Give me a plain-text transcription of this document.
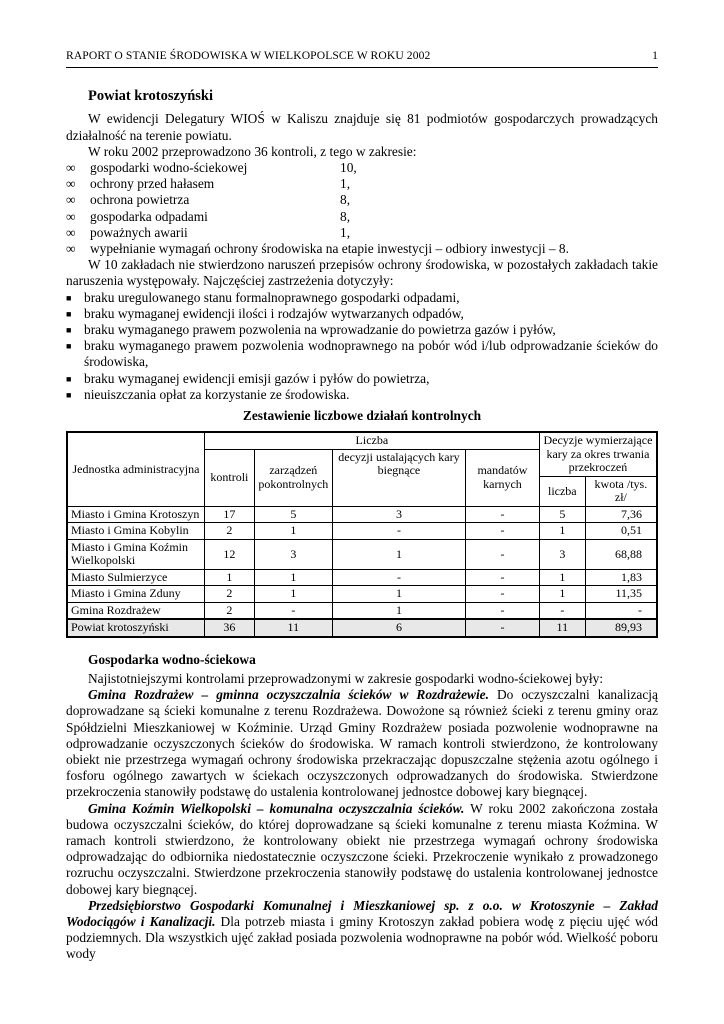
RAPORT O STANIE ŚRODOWISKA W WIELKOPOLSCE W ROKU 2002	1
Powiat krotoszyński

W ewidencji Delegatury WIOŚ w Kaliszu znajduje się 81 podmiotów gospodarczych prowadzących działalność na terenie powiatu.

W roku 2002 przeprowadzono 36 kontroli, z tego w zakresie:

∞	gospodarki wodno-ściekowej	10,
∞	ochrony przed hałasem	1,
∞	ochrona powietrza	8,
∞	gospodarka odpadami	8,
∞	poważnych awarii	1,
∞	wypełnianie wymagań ochrony środowiska na etapie inwestycji – odbiory inwestycji – 8.

W 10 zakładach nie stwierdzono naruszeń przepisów ochrony środowiska, w pozostałych zakładach takie naruszenia występowały. Najczęściej zastrzeżenia dotyczyły:

■ braku uregulowanego stanu formalnoprawnego gospodarki odpadami,
■ braku wymaganej ewidencji ilości i rodzajów wytwarzanych odpadów,
■ braku wymaganego prawem pozwolenia na wprowadzanie do powietrza gazów i pyłów,
■ braku wymaganego prawem pozwolenia wodnoprawnego na pobór wód i/lub odprowadzanie ścieków do środowiska,
■ braku wymaganej ewidencji emisji gazów i pyłów do powietrza,
■ nieuiszczania opłat za korzystanie ze środowiska.
Zestawienie liczbowe działań kontrolnych
Jednostka administracyjna	Liczba				Decyzje wymierzające kary za okres trwania przekroczeń	
	kontroli	zarządzeń pokontrolnych	decyzji ustalających kary biegnące	mandatów karnych		
					liczba	kwota /tys. zł/
Miasto i Gmina Krotoszyn	17	5	3	-	5	7,36
Miasto i Gmina Kobylin	2	1	-	-	1	0,51
Miasto i Gmina Koźmin Wielkopolski	12	3	1	-	3	68,88
Miasto Sulmierzyce	1	1	-	-	1	1,83
Miasto i Gmina Zduny	2	1	1	-	1	11,35
Gmina Rozdrażew	2	-	1	-	-	-
Powiat krotoszyński	36	11	6	-	11	89,93
Gospodarka wodno-ściekowa

Najistotniejszymi kontrolami przeprowadzonymi w zakresie gospodarki wodno-ściekowej były:

Gmina Rozdrażew – gminna oczyszczalnia ścieków w Rozdrażewie. Do oczyszczalni kanalizacją doprowadzane są ścieki komunalne z terenu Rozdrażewa. Dowożone są również ścieki z terenu gminy oraz Spółdzielni Mieszkaniowej w Koźminie. Urząd Gminy Rozdrażew posiada pozwolenie wodnoprawne na odprowadzanie oczyszczonych ścieków do środowiska. W ramach kontroli stwierdzono, że kontrolowany obiekt nie przestrzega wymagań ochrony środowiska przekraczając dopuszczalne stężenia azotu ogólnego i fosforu ogólnego zawartych w ściekach oczyszczonych odprowadzanych do środowiska. Stwierdzone przekroczenia stanowiły podstawę do ustalenia kontrolowanej jednostce dobowej kary biegnącej.

Gmina Koźmin Wielkopolski – komunalna oczyszczalnia ścieków. W roku 2002 zakończona została budowa oczyszczalni ścieków, do której doprowadzane są ścieki komunalne z terenu miasta Koźmina. W ramach kontroli stwierdzono, że kontrolowany obiekt nie przestrzega wymagań ochrony środowiska odprowadzając do odbiornika niedostatecznie oczyszczone ścieki. Przekroczenie wynikało z prowadzonego rozruchu oczyszczalni. Stwierdzone przekroczenia stanowiły podstawę do ustalenia kontrolowanej jednostce dobowej kary biegnącej.

Przedsiębiorstwo Gospodarki Komunalnej i Mieszkaniowej sp. z o.o. w Krotoszynie – Zakład Wodociągów i Kanalizacji. Dla potrzeb miasta i gminy Krotoszyn zakład pobiera wodę z pięciu ujęć wód podziemnych. Dla wszystkich ujęć zakład posiada pozwolenia wodnoprawne na pobór wód. Wielkość poboru wody
